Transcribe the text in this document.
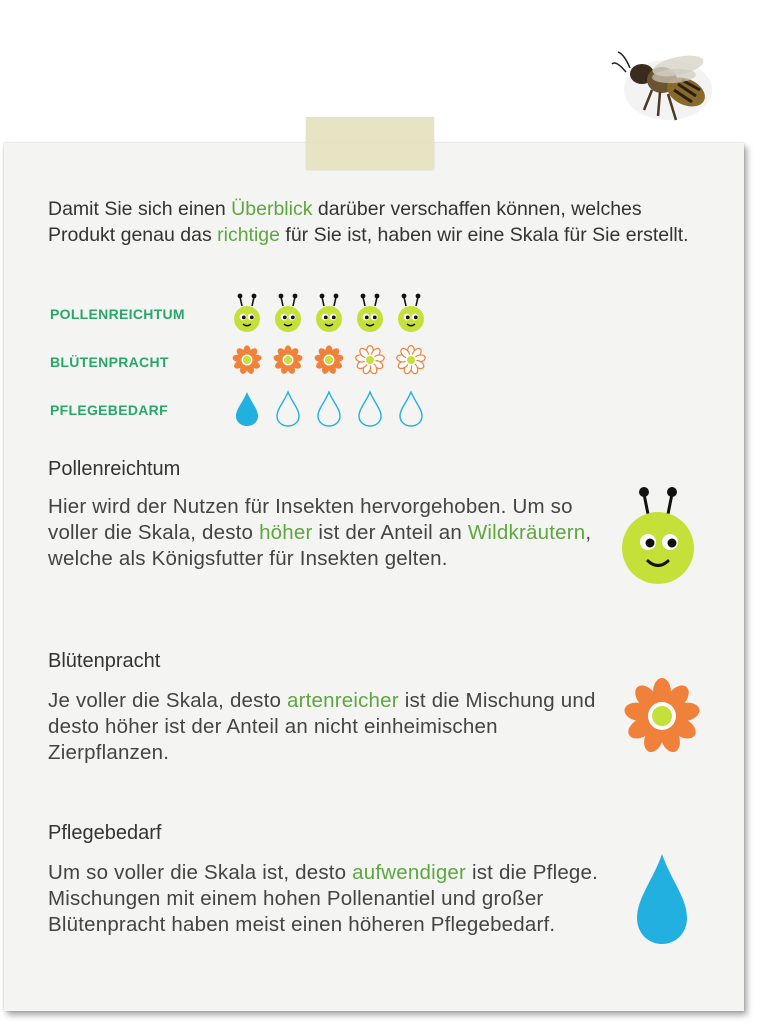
Damit Sie sich einen Überblick darüber verschaffen können, welches Produkt genau das richtige für Sie ist, haben wir eine Skala für Sie erstellt.

POLLENREICHTUM
BLÜTENPRACHT
PFLEGEBEDARF
Pollenreichtum

Hier wird der Nutzen für Insekten hervorgehoben. Um so voller die Skala, desto höher ist der Anteil an Wildkräutern, welche als Königsfutter für Insekten gelten.

Blütenpracht

Je voller die Skala, desto artenreicher ist die Mischung und desto höher ist der Anteil an nicht einheimischen Zierpflanzen.

Pflegebedarf

Um so voller die Skala ist, desto aufwendiger ist die Pflege. Mischungen mit einem hohen Pollenantiel und großer Blütenpracht haben meist einen höheren Pflegebedarf.
